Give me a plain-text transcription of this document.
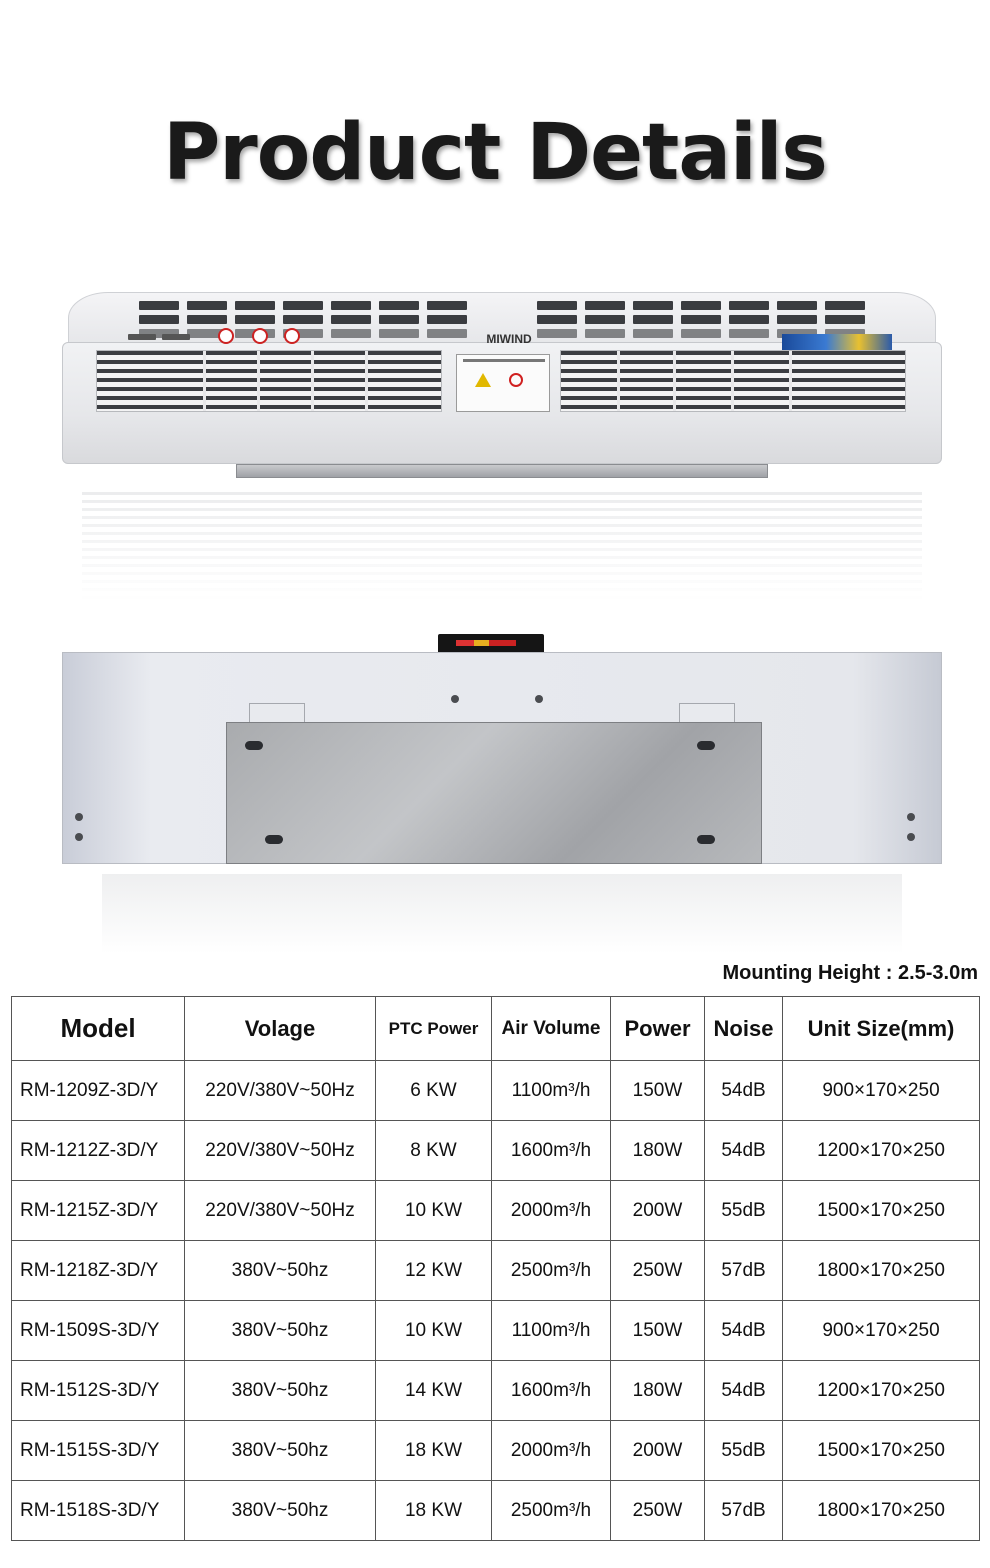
Product Details
MIWIND
Mounting Height : 2.5-3.0m
Model	Volage	PTC Power	Air Volume	Power	Noise	Unit Size(mm)
RM-1209Z-3D/Y	220V/380V~50Hz	6 KW	1100m³/h	150W	54dB	900×170×250
RM-1212Z-3D/Y	220V/380V~50Hz	8 KW	1600m³/h	180W	54dB	1200×170×250
RM-1215Z-3D/Y	220V/380V~50Hz	10 KW	2000m³/h	200W	55dB	1500×170×250
RM-1218Z-3D/Y	380V~50hz	12 KW	2500m³/h	250W	57dB	1800×170×250
RM-1509S-3D/Y	380V~50hz	10 KW	1100m³/h	150W	54dB	900×170×250
RM-1512S-3D/Y	380V~50hz	14 KW	1600m³/h	180W	54dB	1200×170×250
RM-1515S-3D/Y	380V~50hz	18 KW	2000m³/h	200W	55dB	1500×170×250
RM-1518S-3D/Y	380V~50hz	18 KW	2500m³/h	250W	57dB	1800×170×250
